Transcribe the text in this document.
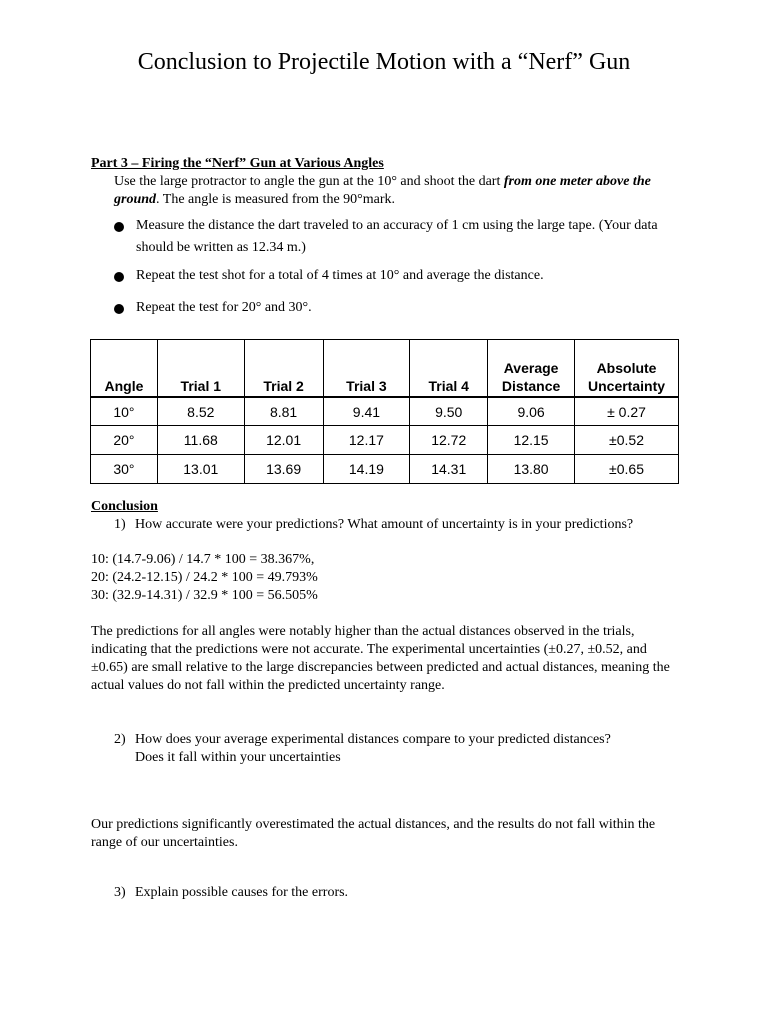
Conclusion to Projectile Motion with a “Nerf” Gun
Part 3 – Firing the “Nerf” Gun at Various Angles
Use the large protractor to angle the gun at the 10° and shoot the dart from one meter above the ground. The angle is measured from the 90°mark.
Measure the distance the dart traveled to an accuracy of 1 cm using the large tape. (Your data should be written as 12.34 m.)
Repeat the test shot for a total of 4 times at 10° and average the distance.
Repeat the test for 20° and 30°.
Angle	Trial 1	Trial 2	Trial 3	Trial 4	Average Distance	Absolute Uncertainty
10°	8.52	8.81	9.41	9.50	9.06	± 0.27
20°	11.68	12.01	12.17	12.72	12.15	±0.52
30°	13.01	13.69	14.19	14.31	13.80	±0.65
Conclusion
1) How accurate were your predictions? What amount of uncertainty is in your predictions?
10: (14.7-9.06) / 14.7 * 100 = 38.367%,
20: (24.2-12.15) / 24.2 * 100 = 49.793%
30: (32.9-14.31) / 32.9 * 100 = 56.505%
The predictions for all angles were notably higher than the actual distances observed in the trials, indicating that the predictions were not accurate. The experimental uncertainties (±0.27, ±0.52, and ±0.65) are small relative to the large discrepancies between predicted and actual distances, meaning the actual values do not fall within the predicted uncertainty range.
2) How does your average experimental distances compare to your predicted distances?
Does it fall within your uncertainties
Our predictions significantly overestimated the actual distances, and the results do not fall within the range of our uncertainties.
3) Explain possible causes for the errors.
